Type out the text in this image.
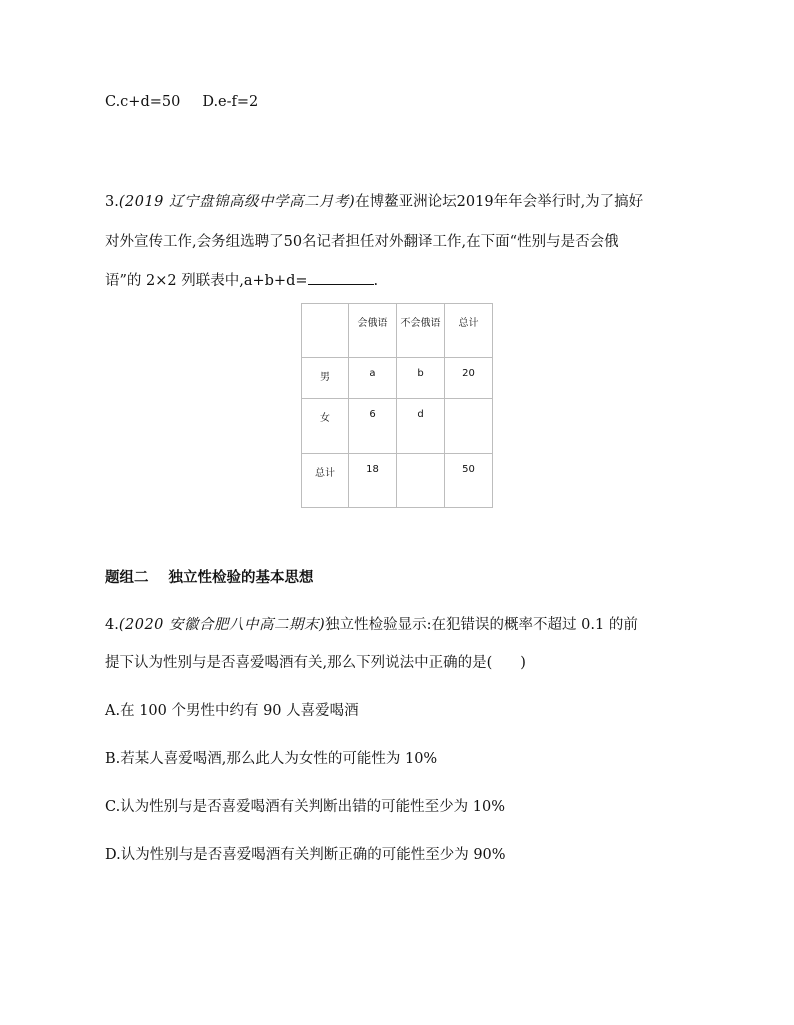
C.c+d=50 D.e-f=2
3.(2019 辽宁盘锦高级中学高二月考)在博鳌亚洲论坛2019年年会举行时,为了搞好
对外宣传工作,会务组选聘了50名记者担任对外翻译工作,在下面“性别与是否会俄
语”的 2×2 列联表中,a+b+d=	.

	会俄语	不会俄语	总计

男	a	b	20

女	6	d	

总计	18		50
题组二 独立性检验的基本思想
4.(2020 安徽合肥八中高二期末)独立性检验显示:在犯错误的概率不超过 0.1 的前
提下认为性别与是否喜爱喝酒有关,那么下列说法中正确的是( )
A.在 100 个男性中约有 90 人喜爱喝酒
B.若某人喜爱喝酒,那么此人为女性的可能性为 10%
C.认为性别与是否喜爱喝酒有关判断出错的可能性至少为 10%
D.认为性别与是否喜爱喝酒有关判断正确的可能性至少为 90%
